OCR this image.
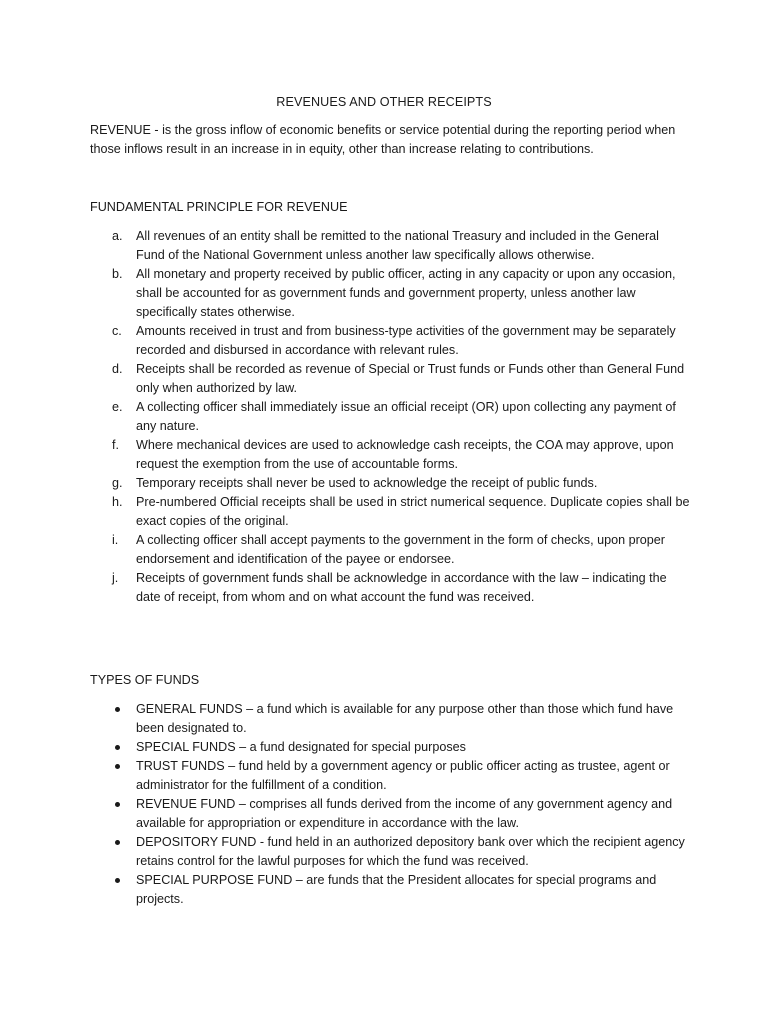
REVENUES AND OTHER RECEIPTS

REVENUE - is the gross inflow of economic benefits or service potential during the reporting period when those inflows result in an increase in in equity, other than increase relating to contributions.

FUNDAMENTAL PRINCIPLE FOR REVENUE
a. All revenues of an entity shall be remitted to the national Treasury and included in the General Fund of the National Government unless another law specifically allows otherwise.
b. All monetary and property received by public officer, acting in any capacity or upon any occasion, shall be accounted for as government funds and government property, unless another law specifically states otherwise.
c. Amounts received in trust and from business-type activities of the government may be separately recorded and disbursed in accordance with relevant rules.
d. Receipts shall be recorded as revenue of Special or Trust funds or Funds other than General Fund only when authorized by law.
e. A collecting officer shall immediately issue an official receipt (OR) upon collecting any payment of any nature.
f. Where mechanical devices are used to acknowledge cash receipts, the COA may approve, upon request the exemption from the use of accountable forms.
g. Temporary receipts shall never be used to acknowledge the receipt of public funds.
h. Pre-numbered Official receipts shall be used in strict numerical sequence. Duplicate copies shall be exact copies of the original.
i. A collecting officer shall accept payments to the government in the form of checks, upon proper endorsement and identification of the payee or endorsee.
j. Receipts of government funds shall be acknowledge in accordance with the law – indicating the date of receipt, from whom and on what account the fund was received.
TYPES OF FUNDS
GENERAL FUNDS – a fund which is available for any purpose other than those which fund have been designated to.
SPECIAL FUNDS – a fund designated for special purposes
TRUST FUNDS – fund held by a government agency or public officer acting as trustee, agent or administrator for the fulfillment of a condition.
REVENUE FUND – comprises all funds derived from the income of any government agency and available for appropriation or expenditure in accordance with the law.
DEPOSITORY FUND - fund held in an authorized depository bank over which the recipient agency retains control for the lawful purposes for which the fund was received.
SPECIAL PURPOSE FUND – are funds that the President allocates for special programs and projects.
